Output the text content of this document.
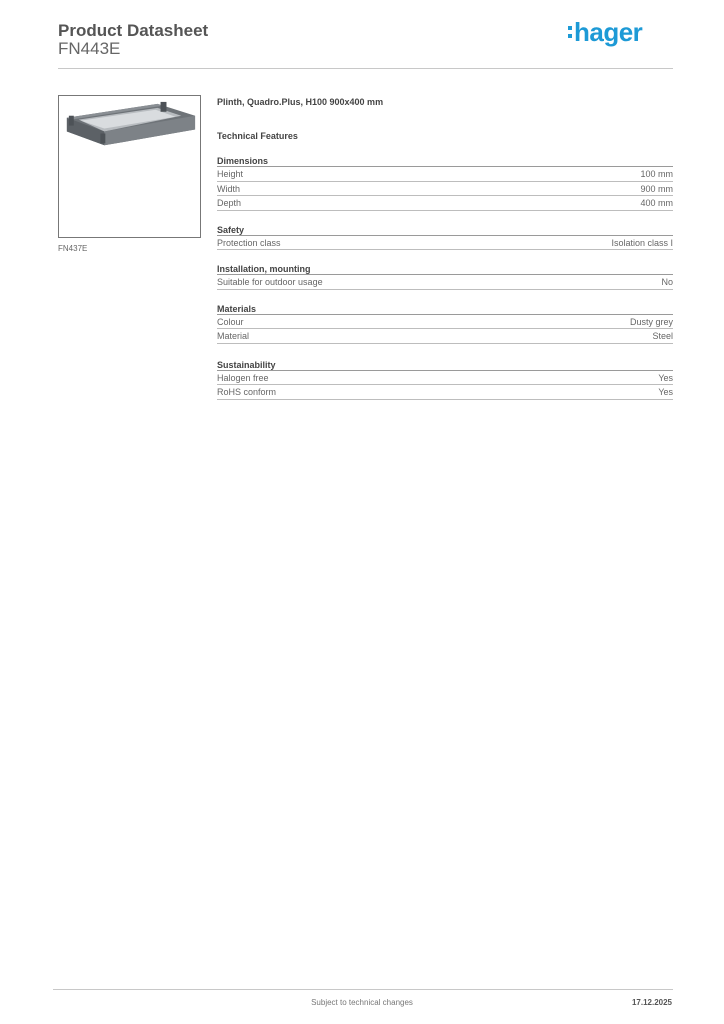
Product Datasheet
FN443E
hager
FN437E
Plinth, Quadro.Plus, H100 900x400 mm
Technical Features
Dimensions
Height	100 mm
Width	900 mm
Depth	400 mm
Safety
Protection class	Isolation class I
Installation, mounting
Suitable for outdoor usage	No
Materials
Colour	Dusty grey
Material	Steel
Sustainability
Halogen free	Yes
RoHS conform	Yes
Subject to technical changes	17.12.2025
